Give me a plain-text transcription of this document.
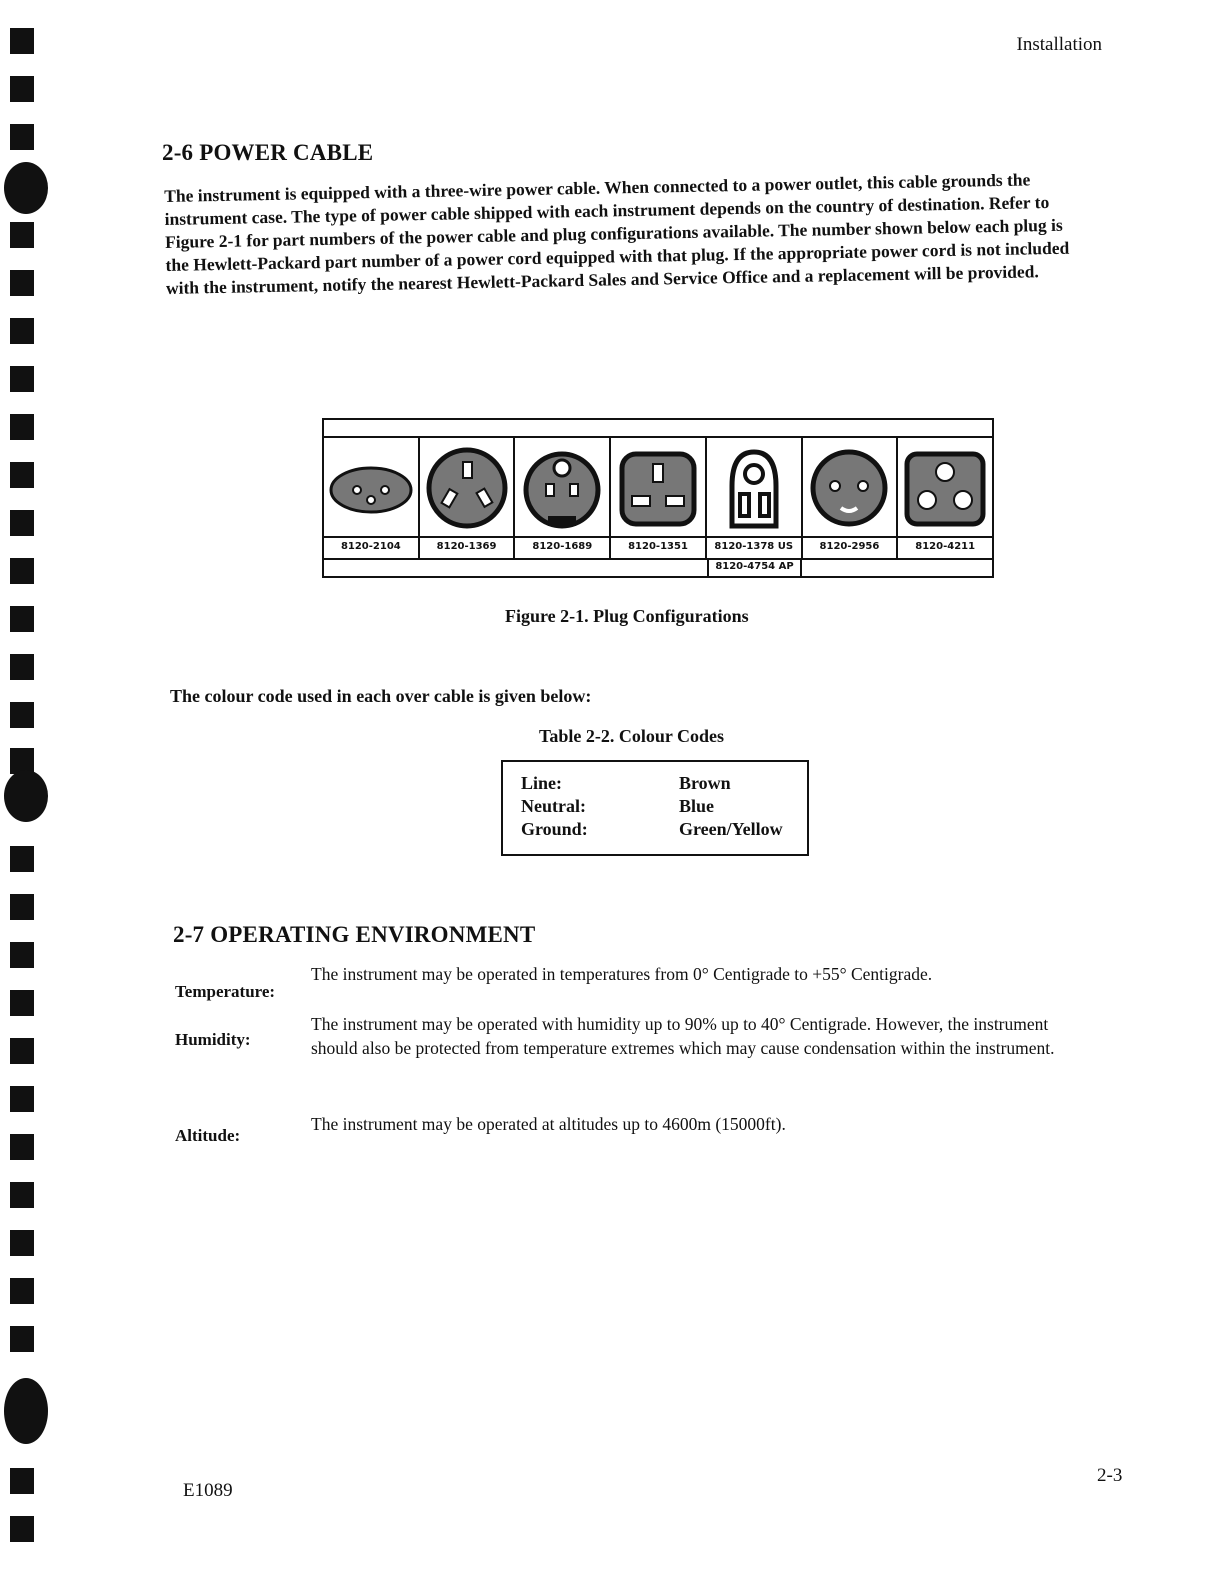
Installation
2-6 POWER CABLE

The instrument is equipped with a three-wire power cable. When connected to a power outlet, this cable grounds the instrument case. The type of power cable shipped with each instrument depends on the country of destination. Refer to Figure 2-1 for part numbers of the power cable and plug configurations available. The number shown below each plug is the Hewlett-Packard part number of a power cord equipped with that plug. If the appropriate power cord is not included with the instrument, notify the nearest Hewlett-Packard Sales and Service Office and a replacement will be provided.

8120-2104	8120-1369	8120-1689	8120-1351	8120-1378 US	8120-2956	8120-4211
8120-4754 AP
Figure 2-1. Plug Configurations

The colour code used in each over cable is given below:

Table 2-2. Colour Codes
Line:	Brown
Neutral:	Blue
Ground:	Green/Yellow
2-7 OPERATING ENVIRONMENT
Temperature:

The instrument may be operated in temperatures from 0° Centigrade to +55° Centigrade.

Humidity:

The instrument may be operated with humidity up to 90% up to 40° Centigrade. However, the instrument should also be protected from temperature extremes which may cause condensation within the instrument.

Altitude:

The instrument may be operated at altitudes up to 4600m (15000ft).

E1089
2-3
